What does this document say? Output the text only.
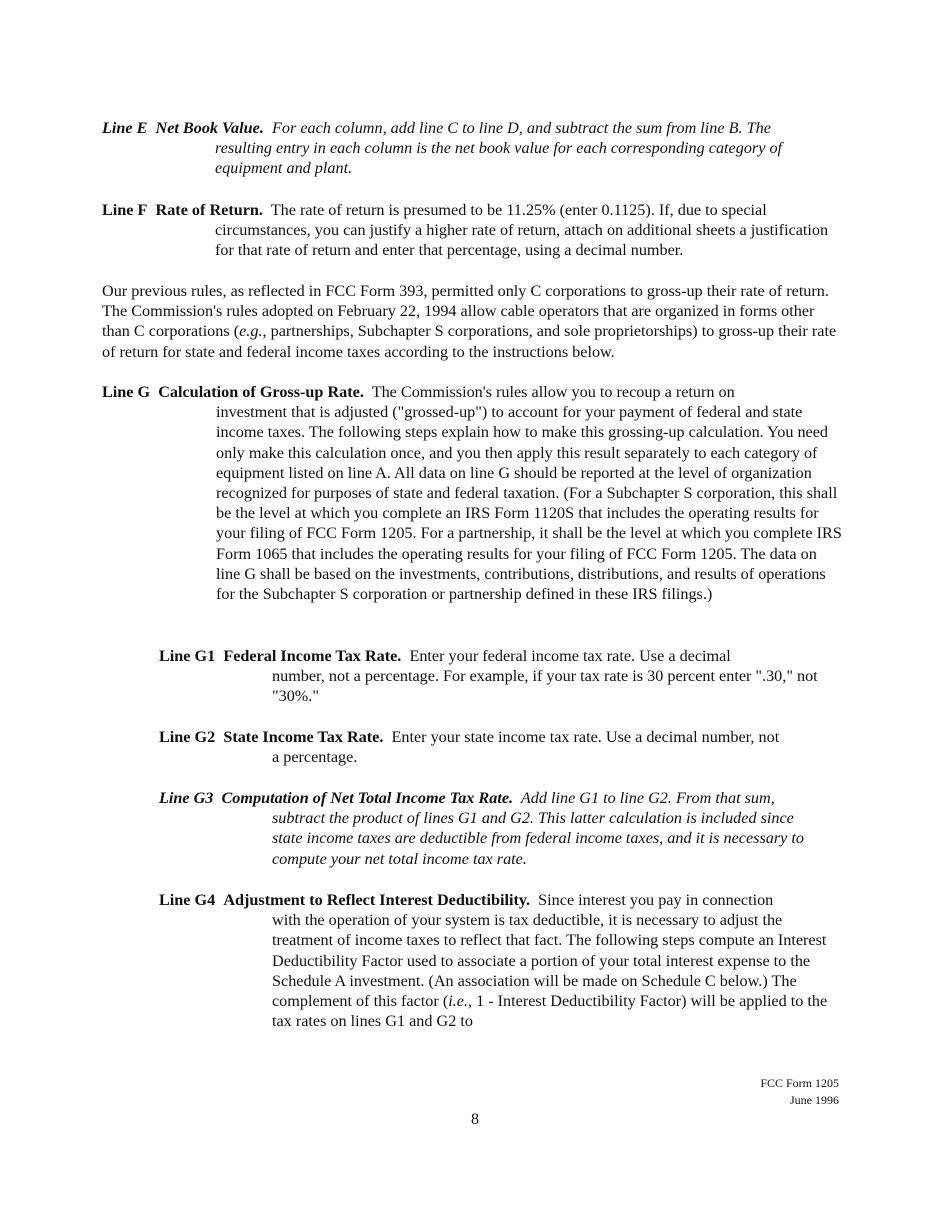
Line E Net Book Value. For each column, add line C to line D, and subtract the sum from line B. The
resulting entry in each column is the net book value for each corresponding category of equipment and plant.
Line F Rate of Return. The rate of return is presumed to be 11.25% (enter 0.1125). If, due to special
circumstances, you can justify a higher rate of return, attach on additional sheets a justification for that rate of return and enter that percentage, using a decimal number.
Our previous rules, as reflected in FCC Form 393, permitted only C corporations to gross-up their rate of return. The Commission's rules adopted on February 22, 1994 allow cable operators that are organized in forms other than C corporations (e.g., partnerships, Subchapter S corporations, and sole proprietorships) to gross-up their rate of return for state and federal income taxes according to the instructions below.
Line G Calculation of Gross-up Rate. The Commission's rules allow you to recoup a return on
investment that is adjusted ("grossed-up") to account for your payment of federal and state income taxes. The following steps explain how to make this grossing-up calculation. You need only make this calculation once, and you then apply this result separately to each category of equipment listed on line A. All data on line G should be reported at the level of organization recognized for purposes of state and federal taxation. (For a Subchapter S corporation, this shall be the level at which you complete an IRS Form 1120S that includes the operating results for your filing of FCC Form 1205. For a partnership, it shall be the level at which you complete IRS Form 1065 that includes the operating results for your filing of FCC Form 1205. The data on line G shall be based on the investments, contributions, distributions, and results of operations for the Subchapter S corporation or partnership defined in these IRS filings.)
Line G1 Federal Income Tax Rate. Enter your federal income tax rate. Use a decimal
number, not a percentage. For example, if your tax rate is 30 percent enter ".30," not "30%."
Line G2 State Income Tax Rate. Enter your state income tax rate. Use a decimal number, not
a percentage.
Line G3 Computation of Net Total Income Tax Rate. Add line G1 to line G2. From that sum,
subtract the product of lines G1 and G2. This latter calculation is included since state income taxes are deductible from federal income taxes, and it is necessary to compute your net total income tax rate.
Line G4 Adjustment to Reflect Interest Deductibility. Since interest you pay in connection
with the operation of your system is tax deductible, it is necessary to adjust the treatment of income taxes to reflect that fact. The following steps compute an Interest Deductibility Factor used to associate a portion of your total interest expense to the Schedule A investment. (An association will be made on Schedule C below.) The complement of this factor (i.e., 1 - Interest Deductibility Factor) will be applied to the tax rates on lines G1 and G2 to
FCC Form 1205
June 1996
8
